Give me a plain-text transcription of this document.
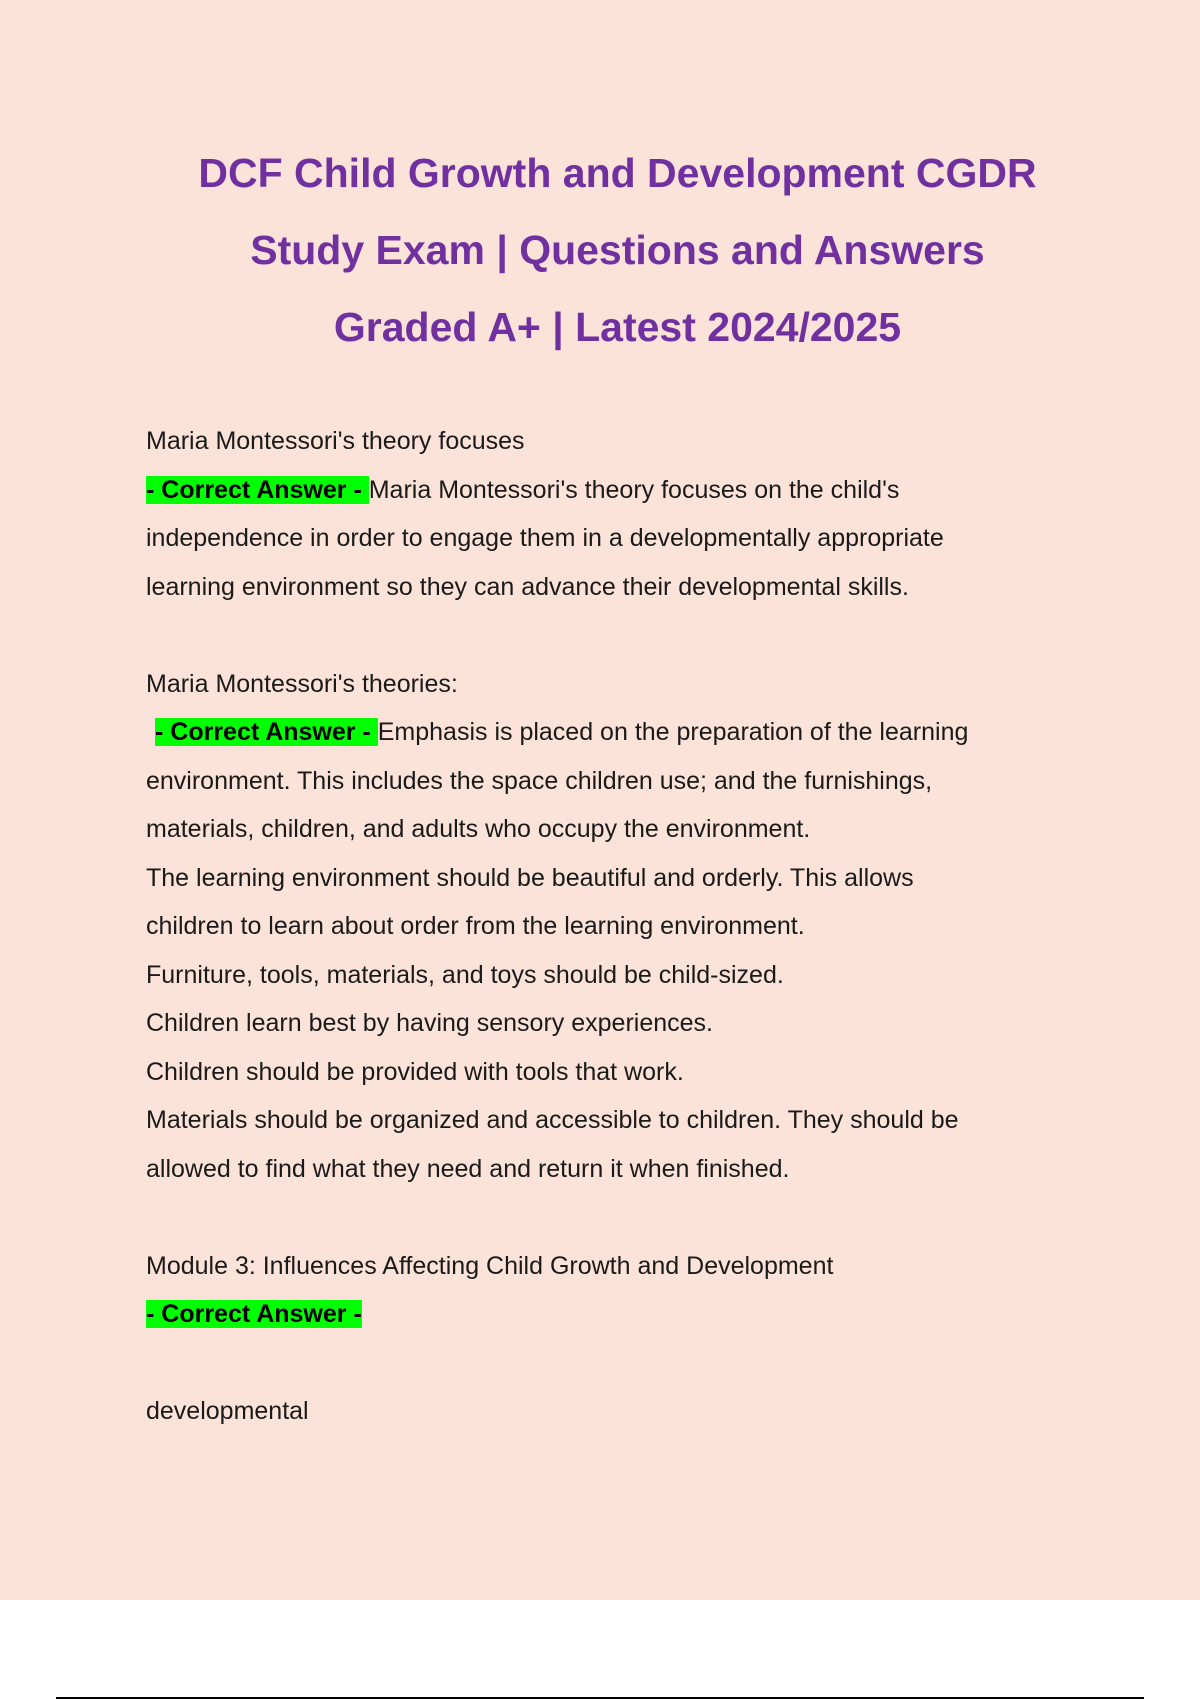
DCF Child Growth and Development CGDR
Study Exam | Questions and Answers
Graded A+ | Latest 2024/2025
Maria Montessori's theory focuses
- Correct Answer - Maria Montessori's theory focuses on the child's
independence in order to engage them in a developmentally appropriate
learning environment so they can advance their developmental skills.
Maria Montessori's theories:
- Correct Answer - Emphasis is placed on the preparation of the learning
environment. This includes the space children use; and the furnishings,
materials, children, and adults who occupy the environment.
The learning environment should be beautiful and orderly. This allows
children to learn about order from the learning environment.
Furniture, tools, materials, and toys should be child-sized.
Children learn best by having sensory experiences.
Children should be provided with tools that work.
Materials should be organized and accessible to children. They should be
allowed to find what they need and return it when finished.
Module 3: Influences Affecting Child Growth and Development
- Correct Answer -
developmental
